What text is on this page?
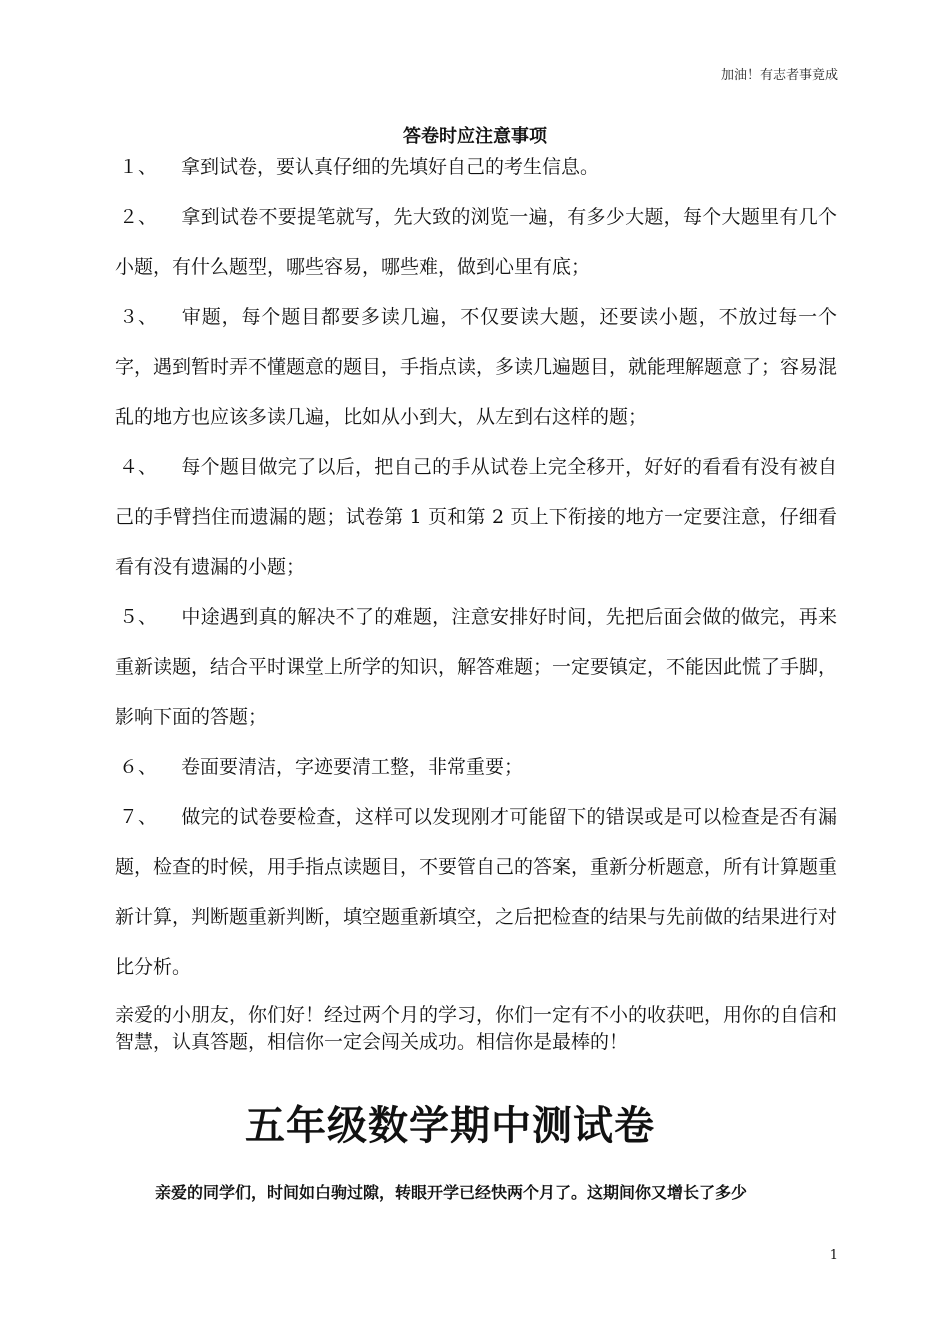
加油！有志者事竟成
答卷时应注意事项

１、 拿到试卷，要认真仔细的先填好自己的考生信息。

２、 拿到试卷不要提笔就写，先大致的浏览一遍，有多少大题，每个大题里有几个小题，有什么题型，哪些容易，哪些难，做到心里有底；

３、 审题，每个题目都要多读几遍，不仅要读大题，还要读小题，不放过每一个字，遇到暂时弄不懂题意的题目，手指点读，多读几遍题目，就能理解题意了；容易混乱的地方也应该多读几遍，比如从小到大，从左到右这样的题；

４、 每个题目做完了以后，把自己的手从试卷上完全移开，好好的看看有没有被自己的手臂挡住而遗漏的题；试卷第 1 页和第 2 页上下衔接的地方一定要注意，仔细看看有没有遗漏的小题；

５、 中途遇到真的解决不了的难题，注意安排好时间，先把后面会做的做完，再来重新读题，结合平时课堂上所学的知识，解答难题；一定要镇定，不能因此慌了手脚，影响下面的答题；

６、 卷面要清洁，字迹要清工整，非常重要；

７、 做完的试卷要检查，这样可以发现刚才可能留下的错误或是可以检查是否有漏题，检查的时候，用手指点读题目，不要管自己的答案，重新分析题意，所有计算题重新计算，判断题重新判断，填空题重新填空，之后把检查的结果与先前做的结果进行对比分析。

亲爱的小朋友，你们好！经过两个月的学习，你们一定有不小的收获吧，用你的自信和智慧，认真答题，相信你一定会闯关成功。相信你是最棒的！

五年级数学期中测试卷

亲爱的同学们，时间如白驹过隙，转眼开学已经快两个月了。这期间你又增长了多少

1
